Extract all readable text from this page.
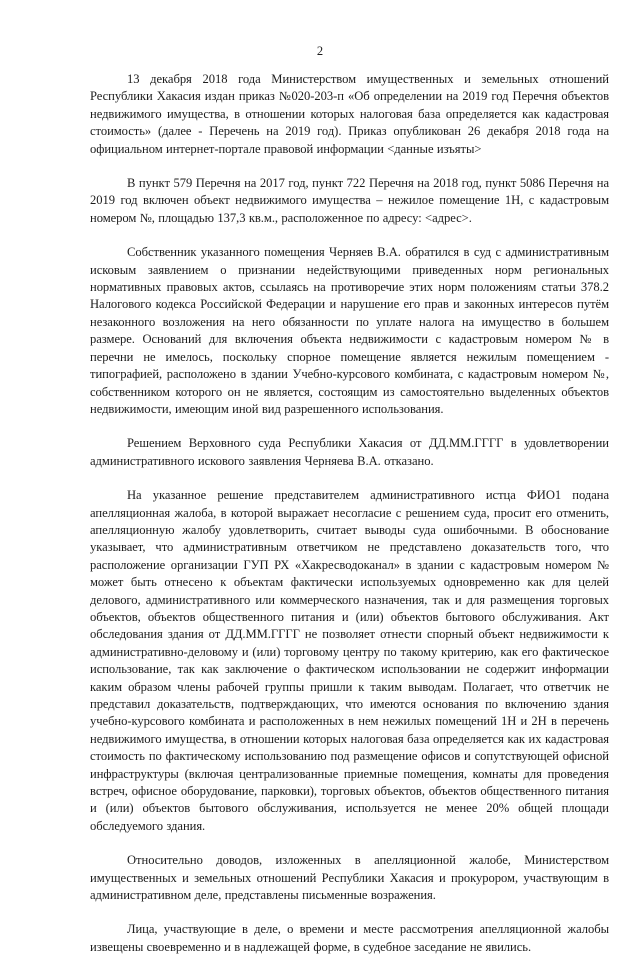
2

13 декабря 2018 года Министерством имущественных и земельных отношений Республики Хакасия издан приказ №020-203-п «Об определении на 2019 год Перечня объектов недвижимого имущества, в отношении которых налоговая база определяется как кадастровая стоимость» (далее - Перечень на 2019 год). Приказ опубликован 26 декабря 2018 года на официальном интернет-портале правовой информации <данные изъяты>

В пункт 579 Перечня на 2017 год, пункт 722 Перечня на 2018 год, пункт 5086 Перечня на 2019 год включен объект недвижимого имущества – нежилое помещение 1Н, с кадастровым номером №, площадью 137,3 кв.м., расположенное по адресу: <адрес>.

Собственник указанного помещения Черняев В.А. обратился в суд с административным исковым заявлением о признании недействующими приведенных норм региональных нормативных правовых актов, ссылаясь на противоречие этих норм положениям статьи 378.2 Налогового кодекса Российской Федерации и нарушение его прав и законных интересов путём незаконного возложения на него обязанности по уплате налога на имущество в большем размере. Оснований для включения объекта недвижимости с кадастровым номером № в перечни не имелось, поскольку спорное помещение является нежилым помещением - типографией, расположено в здании Учебно-курсового комбината, с кадастровым номером №, собственником которого он не является, состоящим из самостоятельно выделенных объектов недвижимости, имеющим иной вид разрешенного использования.

Решением Верховного суда Республики Хакасия от ДД.ММ.ГГГГ в удовлетворении административного искового заявления Черняева В.А. отказано.

На указанное решение представителем административного истца ФИО1 подана апелляционная жалоба, в которой выражает несогласие с решением суда, просит его отменить, апелляционную жалобу удовлетворить, считает выводы суда ошибочными. В обоснование указывает, что административным ответчиком не представлено доказательств того, что расположение организации ГУП РХ «Хакресводоканал» в здании с кадастровым номером № может быть отнесено к объектам фактически используемых одновременно как для целей делового, административного или коммерческого назначения, так и для размещения торговых объектов, объектов общественного питания и (или) объектов бытового обслуживания. Акт обследования здания от ДД.ММ.ГГГГ не позволяет отнести спорный объект недвижимости к административно-деловому и (или) торговому центру по такому критерию, как его фактическое использование, так как заключение о фактическом использовании не содержит информации каким образом члены рабочей группы пришли к таким выводам. Полагает, что ответчик не представил доказательств, подтверждающих, что имеются основания по включению здания учебно-курсового комбината и расположенных в нем нежилых помещений 1Н и 2Н в перечень недвижимого имущества, в отношении которых налоговая база определяется как их кадастровая стоимость по фактическому использованию под размещение офисов и сопутствующей офисной инфраструктуры (включая централизованные приемные помещения, комнаты для проведения встреч, офисное оборудование, парковки), торговых объектов, объектов общественного питания и (или) объектов бытового обслуживания, используется не менее 20% общей площади обследуемого здания.

Относительно доводов, изложенных в апелляционной жалобе, Министерством имущественных и земельных отношений Республики Хакасия и прокурором, участвующим в административном деле, представлены письменные возражения.

Лица, участвующие в деле, о времени и месте рассмотрения апелляционной жалобы извещены своевременно и в надлежащей форме, в судебное заседание не явились.
